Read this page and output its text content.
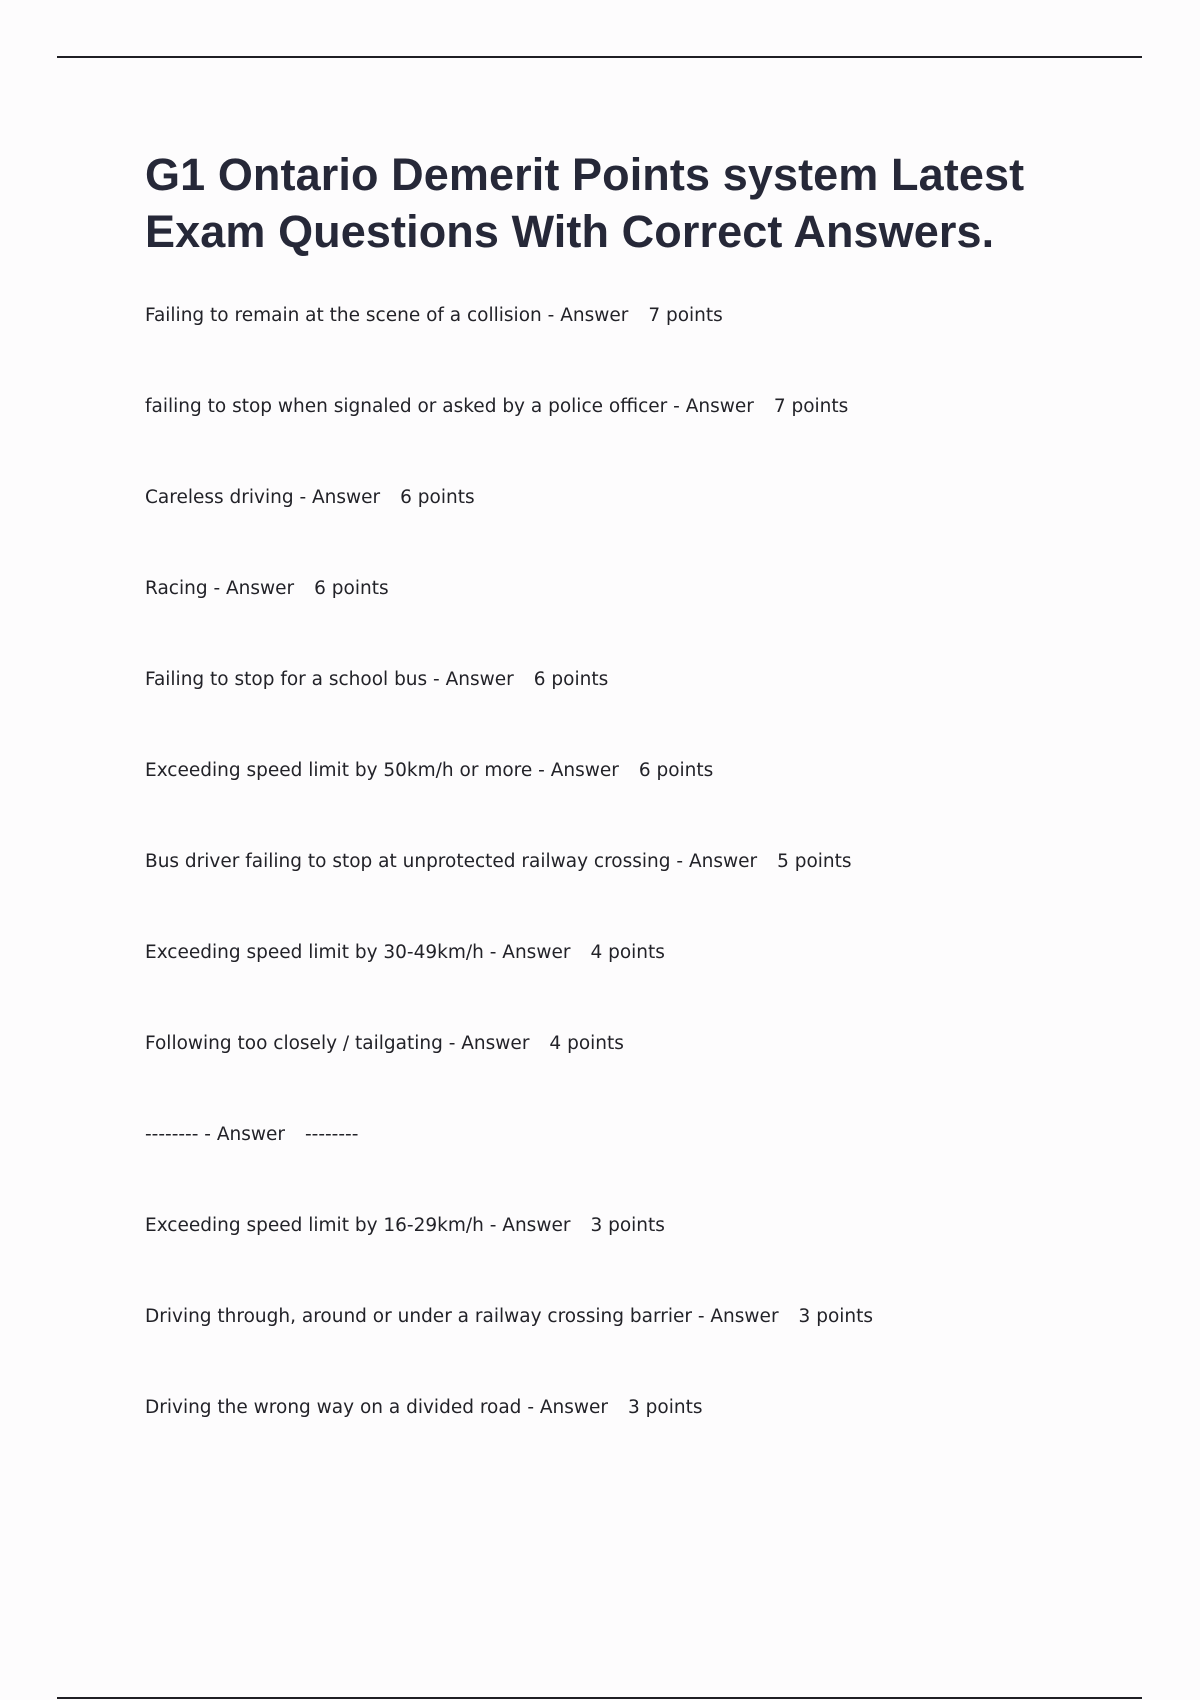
G1 Ontario Demerit Points system Latest Exam Questions With Correct Answers.
Failing to remain at the scene of a collision - Answer 7 points
failing to stop when signaled or asked by a police officer - Answer 7 points
Careless driving - Answer 6 points
Racing - Answer 6 points
Failing to stop for a school bus - Answer 6 points
Exceeding speed limit by 50km/h or more - Answer 6 points
Bus driver failing to stop at unprotected railway crossing - Answer 5 points
Exceeding speed limit by 30-49km/h - Answer 4 points
Following too closely / tailgating - Answer 4 points
-------- - Answer --------
Exceeding speed limit by 16-29km/h - Answer 3 points
Driving through, around or under a railway crossing barrier - Answer 3 points
Driving the wrong way on a divided road - Answer 3 points
